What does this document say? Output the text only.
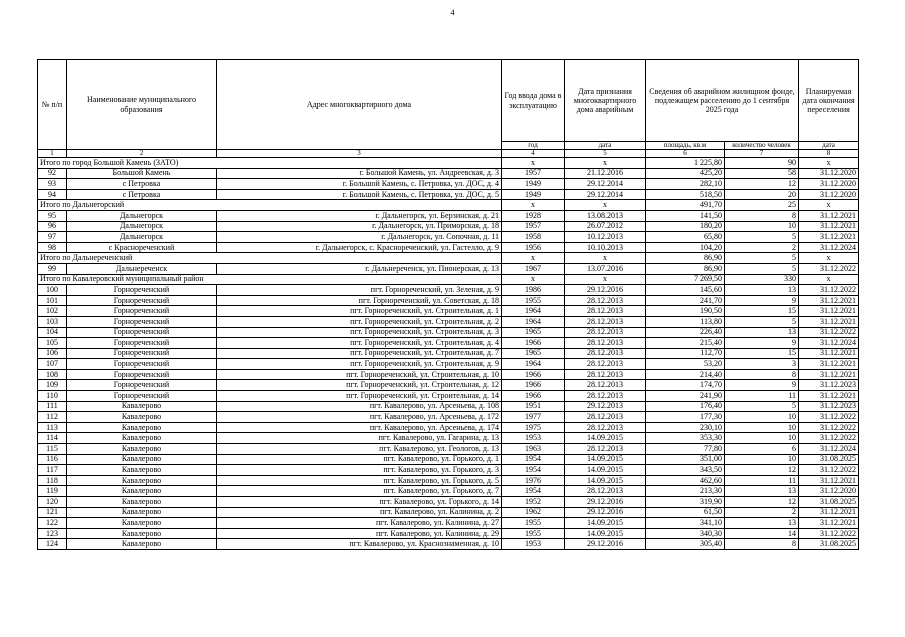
4
№ п/п	Наименование муниципального образования	Адрес многоквартирного дома	Год ввода дома в эксплуатацию	Дата признания многоквартирного дома аварийным	Сведения об аварийном жилищном фонде, подлежащем расселению до 1 сентября 2025 года		Планируемая дата окончания переселения
			год	дата	площадь, кв.м	количество человек	дата
1	2	3	4	5	6	7	8
Итого по город Большой Камень (ЗАТО)			x	x	1 225,80	90	x
92	Большой Камень	г. Большой Камень, ул. Андреевская, д. 3	1957	21.12.2016	425,20	58	31.12.2020
93	с Петровка	г. Большой Камень, с. Петровка, ул. ДОС, д. 4	1949	29.12.2014	282,10	12	31.12.2020
94	с Петровка	г. Большой Камень, с. Петровка, ул. ДОС, д. 5	1949	29.12.2014	518,50	20	31.12.2020
Итого по Дальнегорский			x	x	491,70	25	x
95	Дальнегорск	г. Дальнегорск, ул. Берзинская, д. 21	1928	13.08.2013	141,50	8	31.12.2021
96	Дальнегорск	г. Дальнегорск, ул. Приморская, д. 18	1957	26.07.2012	180,20	10	31.12.2021
97	Дальнегорск	г. Дальнегорск, ул. Сопочная, д. 11	1958	10.12.2013	65,80	5	31.12.2021
98	с Краснореченский	г. Дальнегорск, с. Краснореченский, ул. Гастелло, д. 9	1956	10.10.2013	104,20	2	31.12.2024
Итого по Дальнереченский			x	x	86,90	5	x
99	Дальнереченск	г. Дальнереченск, ул. Пионерская, д. 13	1967	13.07.2016	86,90	5	31.12.2022
Итого по Кавалеровский муниципальный район			x	x	7 269,50	330	x
100	Горнореченский	пгт. Горнореченский, ул. Зеленая, д. 9	1986	29.12.2016	145,60	13	31.12.2022
101	Горнореченский	пгт. Горнореченский, ул. Советская, д. 18	1955	28.12.2013	241,70	9	31.12.2021
102	Горнореченский	пгт. Горнореченский, ул. Строительная, д. 1	1964	28.12.2013	190,50	15	31.12.2021
103	Горнореченский	пгт. Горнореченский, ул. Строительная, д. 2	1964	28.12.2013	113,80	5	31.12.2021
104	Горнореченский	пгт. Горнореченский, ул. Строительная, д. 3	1965	28.12.2013	226,40	13	31.12.2022
105	Горнореченский	пгт. Горнореченский, ул. Строительная, д. 4	1966	28.12.2013	215,40	9	31.12.2024
106	Горнореченский	пгт. Горнореченский, ул. Строительная, д. 7	1965	28.12.2013	112,70	15	31.12.2021
107	Горнореченский	пгт. Горнореченский, ул. Строительная, д. 9	1964	28.12.2013	53,20	3	31.12.2021
108	Горнореченский	пгт. Горнореченский, ул. Строительная, д. 10	1966	28.12.2013	214,40	8	31.12.2021
109	Горнореченский	пгт. Горнореченский, ул. Строительная, д. 12	1966	28.12.2013	174,70	9	31.12.2023
110	Горнореченский	пгт. Горнореченский, ул. Строительная, д. 14	1966	28.12.2013	241,90	11	31.12.2021
111	Кавалерово	пгт. Кавалерово, ул. Арсеньева, д. 108	1951	29.12.2013	176,40	5	31.12.2023
112	Кавалерово	пгт. Кавалерово, ул. Арсеньева, д. 172	1977	28.12.2013	177,30	10	31.12.2022
113	Кавалерово	пгт. Кавалерово, ул. Арсеньева, д. 174	1975	28.12.2013	230,10	10	31.12.2022
114	Кавалерово	пгт. Кавалерово, ул. Гагарина, д. 13	1953	14.09.2015	353,30	10	31.12.2022
115	Кавалерово	пгт. Кавалерово, ул. Геологов, д. 13	1963	28.12.2013	77,80	6	31.12.2024
116	Кавалерово	пгт. Кавалерово, ул. Горького, д. 1	1954	14.09.2015	351,00	10	31.08.2025
117	Кавалерово	пгт. Кавалерово, ул. Горького, д. 3	1954	14.09.2015	343,50	12	31.12.2022
118	Кавалерово	пгт. Кавалерово, ул. Горького, д. 5	1976	14.09.2015	462,60	11	31.12.2021
119	Кавалерово	пгт. Кавалерово, ул. Горького, д. 7	1954	28.12.2013	213,30	13	31.12.2020
120	Кавалерово	пгт. Кавалерово, ул. Горького, д. 14	1952	29.12.2016	319,90	12	31.08.2025
121	Кавалерово	пгт. Кавалерово, ул. Калинина, д. 2	1962	29.12.2016	61,50	2	31.12.2021
122	Кавалерово	пгт. Кавалерово, ул. Калинина, д. 27	1955	14.09.2015	341,10	13	31.12.2021
123	Кавалерово	пгт. Кавалерово, ул. Калинина, д. 29	1955	14.09.2015	340,30	14	31.12.2022
124	Кавалерово	пгт. Кавалерово, ул. Краснознаменная, д. 10	1953	29.12.2016	305,40	8	31.08.2025
